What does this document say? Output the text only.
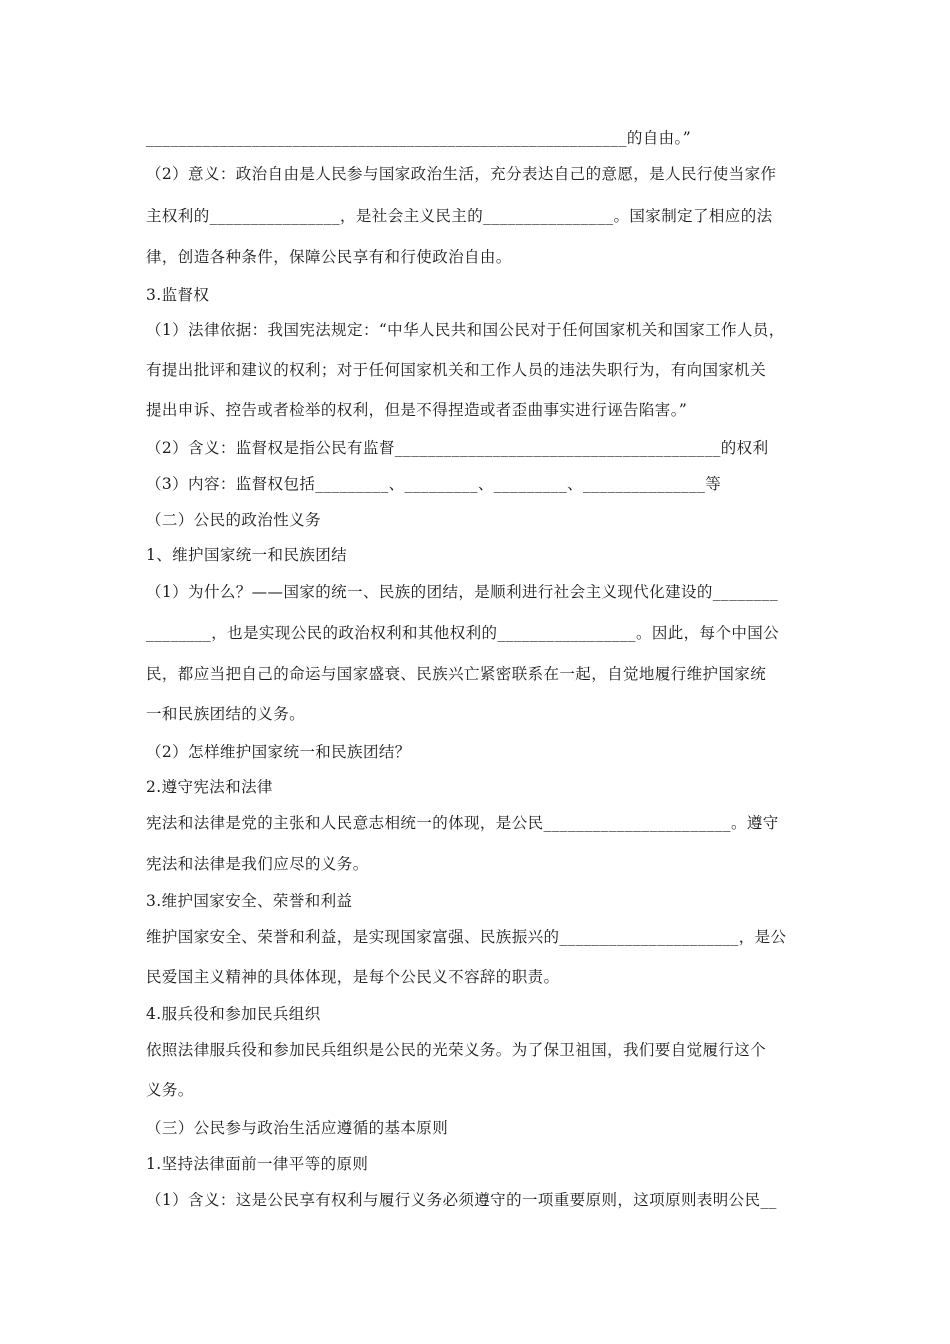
___________________________________________________________的自由。”
（2）意义：政治自由是人民参与国家政治生活，充分表达自己的意愿，是人民行使当家作
主权利的________________，是社会主义民主的________________。国家制定了相应的法
律，创造各种条件，保障公民享有和行使政治自由。
3.监督权
（1）法律依据：我国宪法规定：“中华人民共和国公民对于任何国家机关和国家工作人员，
有提出批评和建议的权利；对于任何国家机关和工作人员的违法失职行为，有向国家机关
提出申诉、控告或者检举的权利，但是不得捏造或者歪曲事实进行诬告陷害。”
（2）含义：监督权是指公民有监督________________________________________的权利
（3）内容：监督权包括_________、_________、_________、_______________等
（二）公民的政治性义务
1、维护国家统一和民族团结
（1）为什么？——国家的统一、民族的团结，是顺利进行社会主义现代化建设的________
________，也是实现公民的政治权利和其他权利的_________________。因此，每个中国公
民，都应当把自己的命运与国家盛衰、民族兴亡紧密联系在一起，自觉地履行维护国家统
一和民族团结的义务。
（2）怎样维护国家统一和民族团结？
2.遵守宪法和法律
宪法和法律是党的主张和人民意志相统一的体现，是公民_______________________。遵守
宪法和法律是我们应尽的义务。
3.维护国家安全、荣誉和利益
维护国家安全、荣誉和利益，是实现国家富强、民族振兴的______________________，是公
民爱国主义精神的具体体现，是每个公民义不容辞的职责。
4.服兵役和参加民兵组织
依照法律服兵役和参加民兵组织是公民的光荣义务。为了保卫祖国，我们要自觉履行这个
义务。
（三）公民参与政治生活应遵循的基本原则
1.坚持法律面前一律平等的原则
（1）含义：这是公民享有权利与履行义务必须遵守的一项重要原则，这项原则表明公民__
